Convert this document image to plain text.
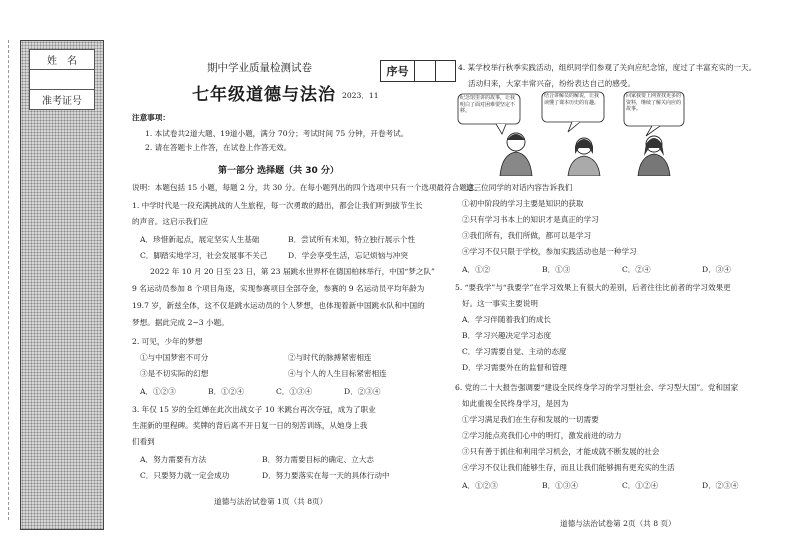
姓　名
准考证号
期中学业质量检测试卷
七年级道德与法治 2023．11
序号
注意事项：
1. 本试卷共2道大题、19道小题，满分 70分；考试时间 75 分钟，开卷考试。
2. 请在答题卡上作答，在试卷上作答无效。
第一部分 选择题（共 30 分）
说明：本题包括 15 小题，每题 2 分，共 30 分。在每小题列出的四个选项中只有一个选项最符合题意。
1. 中学时代是一段充满挑战的人生旅程，每一次勇敢的踏出，都会让我们听到拔节生长
的声音。这启示我们应
A．珍惜新起点，展定坚实人生基础	B．尝试所有未知，特立独行展示个性
C．脚踏实地学习，社会发展事不关己	D．学会享受生活，忘记烦恼与冲突
2022 年 10 月 20 日至 23 日，第 23 届跳水世界杯在德国柏林举行，中国“梦之队”
9 名运动员参加 8 个项目角逐，实现参赛项目全部夺金，参赛的 9 名运动员平均年龄为
19.7 岁，新兹全体，这不仅是跳水运动员的个人梦想，也体现着新中国跳水队和中国的
梦想。据此完成 2~3 小题。
2. 可见，少年的梦想
①与中国梦密不可分	②与时代的脉搏紧密相连
③是不切实际的幻想	④与个人的人生目标紧密相连
A．①②③	B．①②④	C．①③④	D．②③④
3. 年仅 15 岁的全红婵在此次出战女子 10 米跳台再次夺冠，成为了职业
生涯新的里程碑。奖牌的背后离不开日复一日的刻苦训练，从她身上我
们看到
A．努力需要有方法	B．努力需要目标的确定、立大志
C．只要努力就一定会成功	D．努力要落实在每一天的具体行动中
道德与法治试卷第 1页（共 8页）
4. 某学校举行秋季实践活动，组织同学们参观了关向应纪念馆，度过了丰富充实的一天。
活动归来，大家丰常兴奋，纷纷表达自己的感受。
纪念馆里讲的故事，让我明白了面对困难要坚定不移。
结合讲解员的解说，让我读懂了课本历史的有趣。
回家我要上网查找更多的资料，继续了解关向应的故事。
这三位同学的对话内容告诉我们
①初中阶段的学习主要是知识的获取
②只有学习书本上的知识才是真正的学习
③我们所有，我们所做，都可以是学习
④学习不仅只限于学校，参加实践活动也是一种学习
A．①②	B．①③	C．②④	D．③④
5. “要我学”与“我要学”在学习效果上有很大的差别，后者往往比前者的学习效果更
好。这一事实主要说明
A．学习伴随着我们的成长
B．学习兴趣决定学习态度
C．学习需要自觉、主动的态度
D．学习需要外在的监督和管理
6. 党的二十大报告强调要“建设全民终身学习的学习型社会、学习型大国”。党和国家
如此重视全民终身学习，是因为
①学习满足我们在生存和发展的一切需要
②学习能点亮我们心中的明灯，激发前进的动力
③只有善于抓住和利用学习机会，才能成就不断发展的社会
④学习不仅让我们能够生存，而且让我们能够拥有更充实的生活
A．①②③	B．①③④	C．①②④	D．②③④
道德与法治试卷第 2页（共 8 页）
